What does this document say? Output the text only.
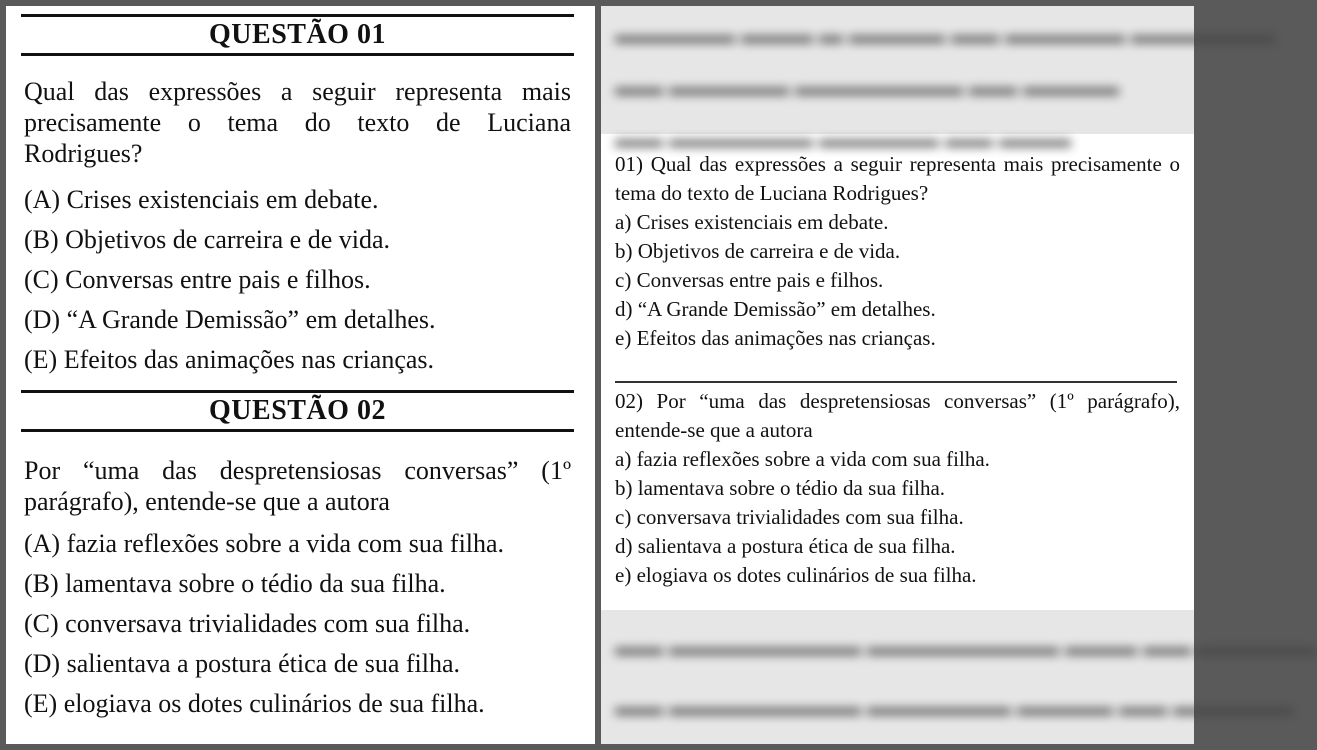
QUESTÃO 01

Qual das expressões a seguir representa mais precisamente o tema do texto de Luciana Rodrigues?

(A) Crises existenciais em debate.
(B) Objetivos de carreira e de vida.
(C) Conversas entre pais e filhos.
(D) “A Grande Demissão” em detalhes.
(E) Efeitos das animações nas crianças.
QUESTÃO 02

Por “uma das despretensiosas conversas” (1º parágrafo), entende-se que a autora

(A) fazia reflexões sobre a vida com sua filha.
(B) lamentava sobre o tédio da sua filha.
(C) conversava trivialidades com sua filha.
(D) salientava a postura ética de sua filha.
(E) elogiava os dotes culinários de sua filha.
▬▬▬▬▬ ▬▬▬ ▬ ▬▬▬▬ ▬▬ ▬▬▬▬▬ ▬▬▬▬▬▬
▬▬ ▬▬▬▬▬ ▬▬▬▬▬▬▬ ▬▬ ▬▬▬▬
▬▬ ▬▬▬▬▬▬ ▬▬▬▬▬ ▬▬ ▬▬▬

01) Qual das expressões a seguir representa mais precisamente o tema do texto de Luciana Rodrigues?

a) Crises existenciais em debate.
b) Objetivos de carreira e de vida.
c) Conversas entre pais e filhos.
d) “A Grande Demissão” em detalhes.
e) Efeitos das animações nas crianças.

02) Por “uma das despretensiosas conversas” (1º parágrafo), entende-se que a autora

a) fazia reflexões sobre a vida com sua filha.
b) lamentava sobre o tédio da sua filha.
c) conversava trivialidades com sua filha.
d) salientava a postura ética de sua filha.
e) elogiava os dotes culinários de sua filha.
▬▬ ▬▬▬▬▬▬▬▬ ▬▬▬▬▬▬▬▬ ▬▬▬ ▬▬ ▬▬▬▬▬
▬▬ ▬▬▬▬▬▬▬▬ ▬▬▬▬▬▬ ▬▬▬▬ ▬▬ ▬▬▬▬▬
